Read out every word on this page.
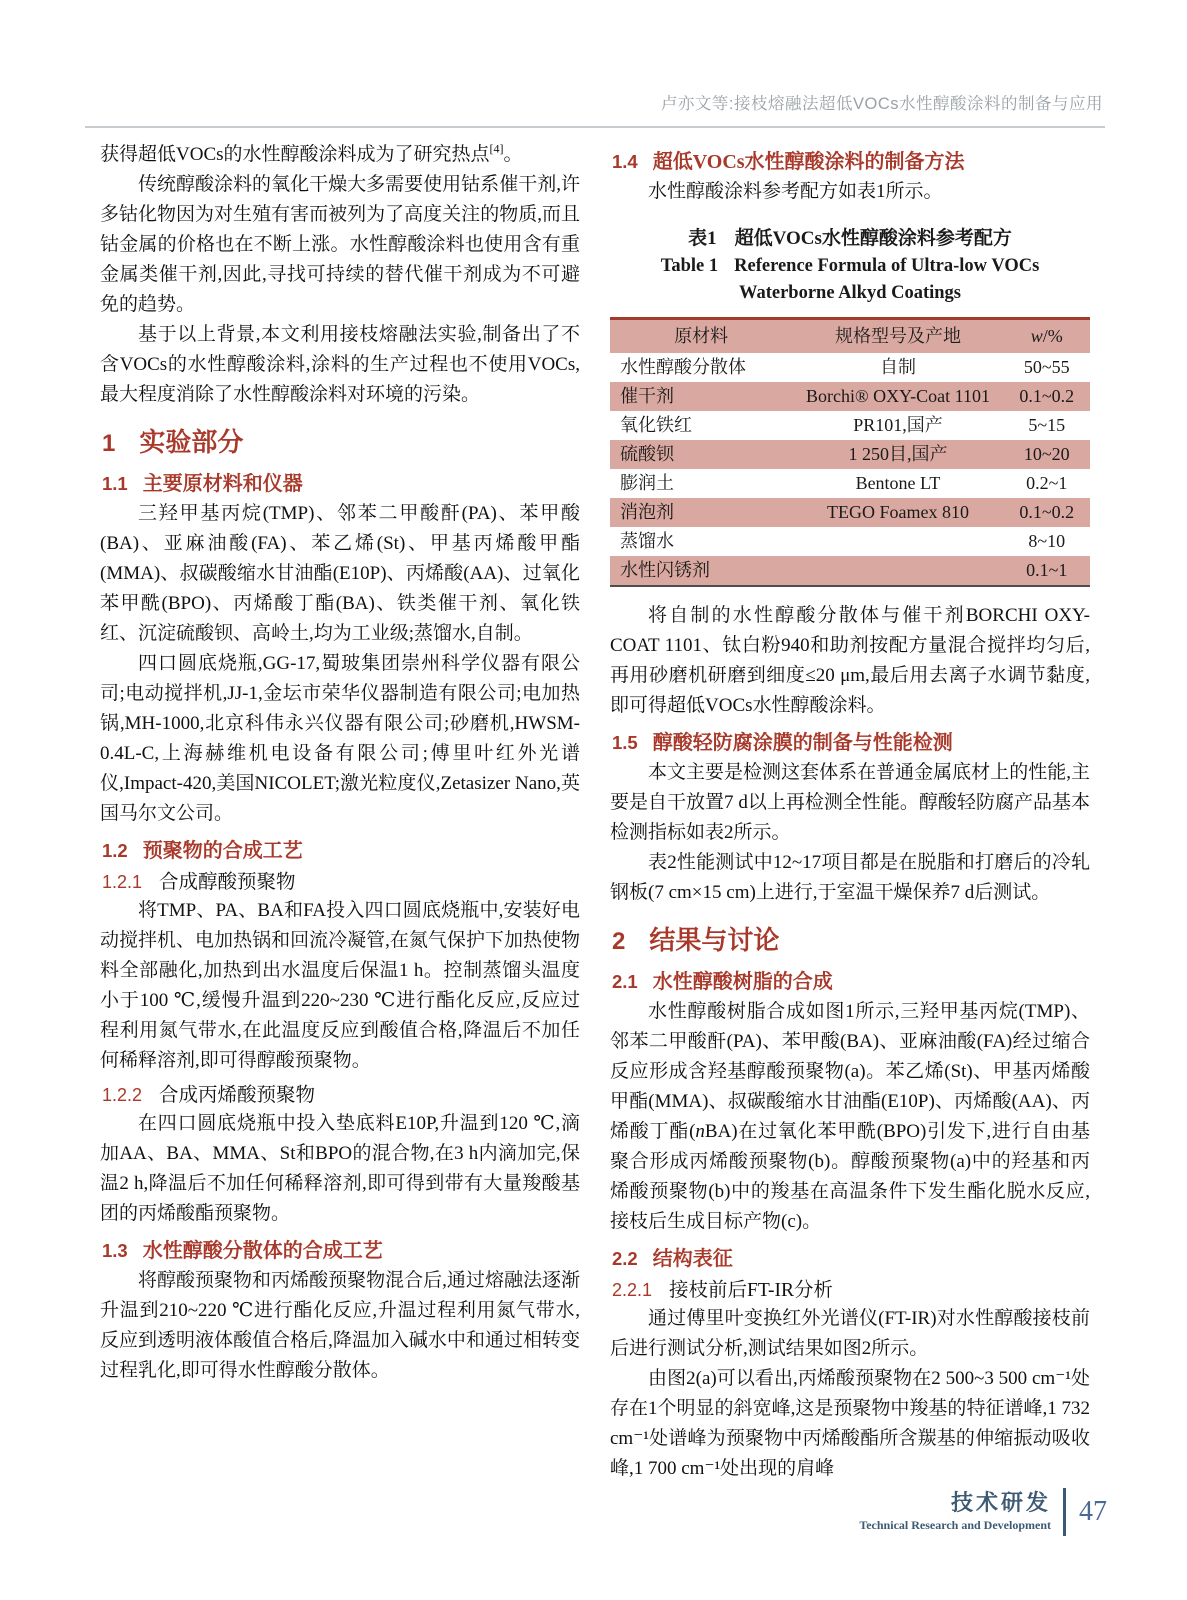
卢亦文等:接枝熔融法超低VOCs水性醇酸涂料的制备与应用

获得超低VOCs的水性醇酸涂料成为了研究热点[4]。

传统醇酸涂料的氧化干燥大多需要使用钴系催干剂,许多钴化物因为对生殖有害而被列为了高度关注的物质,而且钴金属的价格也在不断上涨。水性醇酸涂料也使用含有重金属类催干剂,因此,寻找可持续的替代催干剂成为不可避免的趋势。

基于以上背景,本文利用接枝熔融法实验,制备出了不含VOCs的水性醇酸涂料,涂料的生产过程也不使用VOCs,最大程度消除了水性醇酸涂料对环境的污染。

1 实验部分
1.1 主要原材料和仪器

三羟甲基丙烷(TMP)、邻苯二甲酸酐(PA)、苯甲酸(BA)、亚麻油酸(FA)、苯乙烯(St)、甲基丙烯酸甲酯(MMA)、叔碳酸缩水甘油酯(E10P)、丙烯酸(AA)、过氧化苯甲酰(BPO)、丙烯酸丁酯(BA)、铁类催干剂、氧化铁红、沉淀硫酸钡、高岭土,均为工业级;蒸馏水,自制。

四口圆底烧瓶,GG-17,蜀玻集团崇州科学仪器有限公司;电动搅拌机,JJ-1,金坛市荣华仪器制造有限公司;电加热锅,MH-1000,北京科伟永兴仪器有限公司;砂磨机,HWSM-0.4L-C,上海赫维机电设备有限公司;傅里叶红外光谱仪,Impact-420,美国NICOLET;激光粒度仪,Zetasizer Nano,英国马尔文公司。

1.2 预聚物的合成工艺
1.2.1 合成醇酸预聚物

将TMP、PA、BA和FA投入四口圆底烧瓶中,安装好电动搅拌机、电加热锅和回流冷凝管,在氮气保护下加热使物料全部融化,加热到出水温度后保温1 h。控制蒸馏头温度小于100 ℃,缓慢升温到220~230 ℃进行酯化反应,反应过程利用氮气带水,在此温度反应到酸值合格,降温后不加任何稀释溶剂,即可得醇酸预聚物。

1.2.2 合成丙烯酸预聚物

在四口圆底烧瓶中投入垫底料E10P,升温到120 ℃,滴加AA、BA、MMA、St和BPO的混合物,在3 h内滴加完,保温2 h,降温后不加任何稀释溶剂,即可得到带有大量羧酸基团的丙烯酸酯预聚物。

1.3 水性醇酸分散体的合成工艺

将醇酸预聚物和丙烯酸预聚物混合后,通过熔融法逐渐升温到210~220 ℃进行酯化反应,升温过程利用氮气带水,反应到透明液体酸值合格后,降温加入碱水中和通过相转变过程乳化,即可得水性醇酸分散体。

1.4 超低VOCs水性醇酸涂料的制备方法

水性醇酸涂料参考配方如表1所示。

表1 超低VOCs水性醇酸涂料参考配方
Table 1 Reference Formula of Ultra-low VOCs
Waterborne Alkyd Coatings
原材料	规格型号及产地	w/%
水性醇酸分散体	自制	50~55
催干剂	Borchi® OXY-Coat 1101	0.1~0.2
氧化铁红	PR101,国产	5~15
硫酸钡	1 250目,国产	10~20
膨润土	Bentone LT	0.2~1
消泡剂	TEGO Foamex 810	0.1~0.2
蒸馏水		8~10
水性闪锈剂		0.1~1

将自制的水性醇酸分散体与催干剂BORCHI OXY-COAT 1101、钛白粉940和助剂按配方量混合搅拌均匀后,再用砂磨机研磨到细度≤20 μm,最后用去离子水调节黏度,即可得超低VOCs水性醇酸涂料。

1.5 醇酸轻防腐涂膜的制备与性能检测

本文主要是检测这套体系在普通金属底材上的性能,主要是自干放置7 d以上再检测全性能。醇酸轻防腐产品基本检测指标如表2所示。

表2性能测试中12~17项目都是在脱脂和打磨后的冷轧钢板(7 cm×15 cm)上进行,于室温干燥保养7 d后测试。

2 结果与讨论
2.1 水性醇酸树脂的合成

水性醇酸树脂合成如图1所示,三羟甲基丙烷(TMP)、邻苯二甲酸酐(PA)、苯甲酸(BA)、亚麻油酸(FA)经过缩合反应形成含羟基醇酸预聚物(a)。苯乙烯(St)、甲基丙烯酸甲酯(MMA)、叔碳酸缩水甘油酯(E10P)、丙烯酸(AA)、丙烯酸丁酯(nBA)在过氧化苯甲酰(BPO)引发下,进行自由基聚合形成丙烯酸预聚物(b)。醇酸预聚物(a)中的羟基和丙烯酸预聚物(b)中的羧基在高温条件下发生酯化脱水反应,接枝后生成目标产物(c)。

2.2 结构表征
2.2.1 接枝前后FT-IR分析

通过傅里叶变换红外光谱仪(FT-IR)对水性醇酸接枝前后进行测试分析,测试结果如图2所示。

由图2(a)可以看出,丙烯酸预聚物在2 500~3 500 cm⁻¹处存在1个明显的斜宽峰,这是预聚物中羧基的特征谱峰,1 732 cm⁻¹处谱峰为预聚物中丙烯酸酯所含羰基的伸缩振动吸收峰,1 700 cm⁻¹处出现的肩峰

技术研发
Technical Research and Development 47
